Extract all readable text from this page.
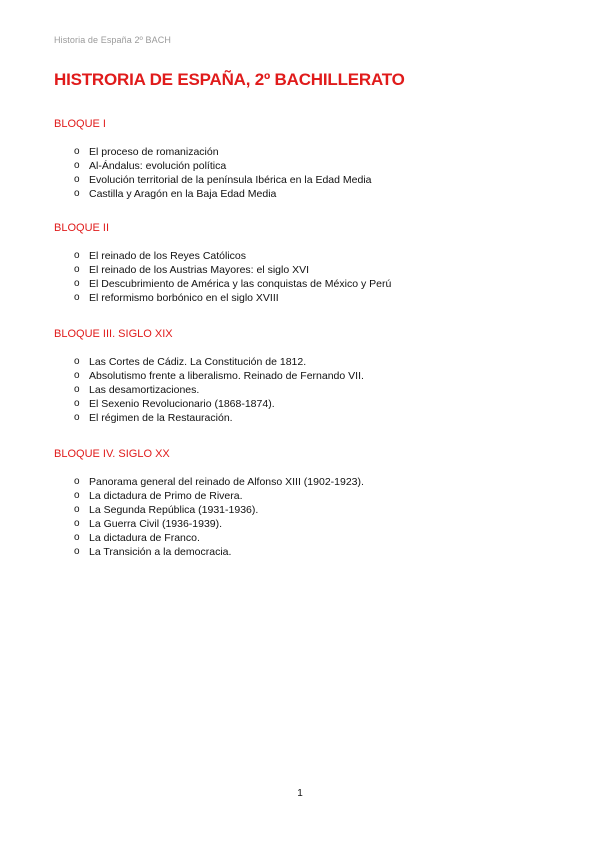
Historia de España 2º BACH
HISTRORIA DE ESPAÑA, 2º BACHILLERATO
BLOQUE I
o El proceso de romanización
o Al-Ándalus: evolución política
o Evolución territorial de la península Ibérica en la Edad Media
o Castilla y Aragón en la Baja Edad Media
BLOQUE II
o El reinado de los Reyes Católicos
o El reinado de los Austrias Mayores: el siglo XVI
o El Descubrimiento de América y las conquistas de México y Perú
o El reformismo borbónico en el siglo XVIII
BLOQUE III. SIGLO XIX
o Las Cortes de Cádiz. La Constitución de 1812.
o Absolutismo frente a liberalismo. Reinado de Fernando VII.
o Las desamortizaciones.
o El Sexenio Revolucionario (1868-1874).
o El régimen de la Restauración.
BLOQUE IV. SIGLO XX
o Panorama general del reinado de Alfonso XIII (1902-1923).
o La dictadura de Primo de Rivera.
o La Segunda República (1931-1936).
o La Guerra Civil (1936-1939).
o La dictadura de Franco.
o La Transición a la democracia.
1
